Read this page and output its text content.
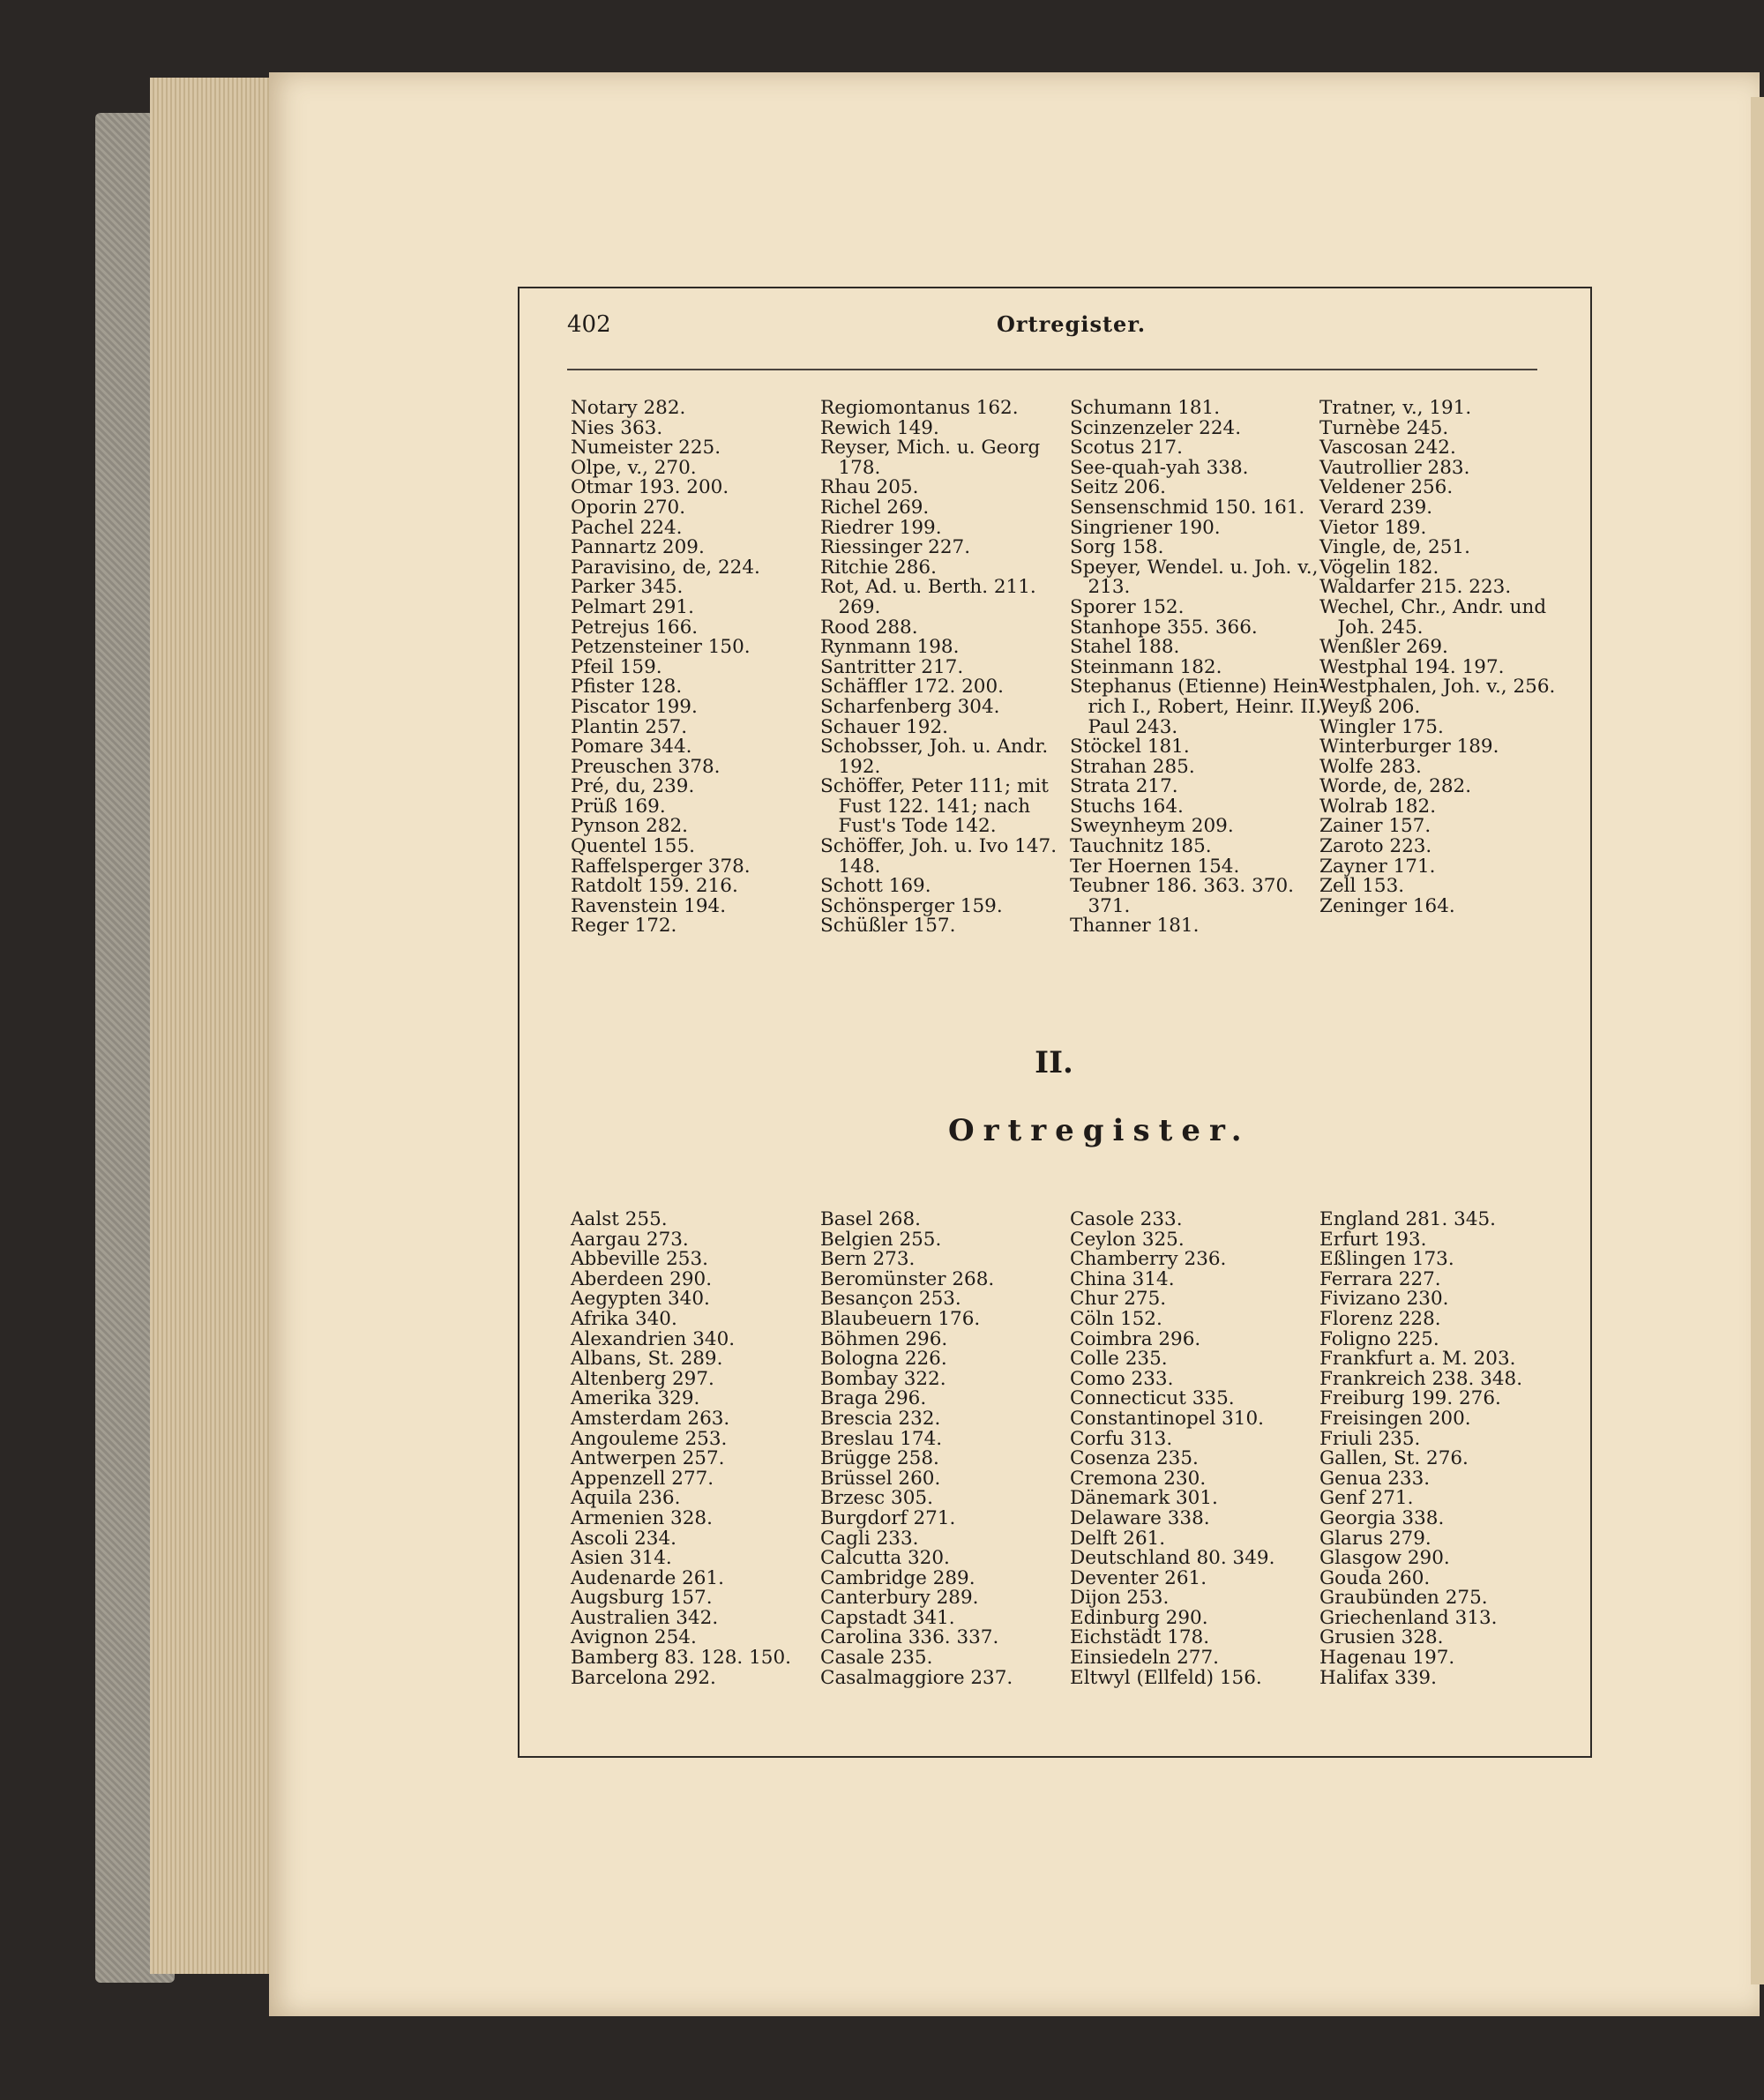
402	Ortregister.
Notary 282.
Nies 363.
Numeister 225.
Olpe, v., 270.
Otmar 193. 200.
Oporin 270.
Pachel 224.
Pannartz 209.
Paravisino, de, 224.
Parker 345.
Pelmart 291.
Petrejus 166.
Petzensteiner 150.
Pfeil 159.
Pfister 128.
Piscator 199.
Plantin 257.
Pomare 344.
Preuschen 378.
Pré, du, 239.
Prüß 169.
Pynson 282.
Quentel 155.
Raffelsperger 378.
Ratdolt 159. 216.
Ravenstein 194.
Reger 172.
Regiomontanus 162.
Rewich 149.
Reyser, Mich. u. Georg
178.
Rhau 205.
Richel 269.
Riedrer 199.
Riessinger 227.
Ritchie 286.
Rot, Ad. u. Berth. 211.
269.
Rood 288.
Rynmann 198.
Santritter 217.
Schäffler 172. 200.
Scharfenberg 304.
Schauer 192.
Schobsser, Joh. u. Andr.
192.
Schöffer, Peter 111; mit
Fust 122. 141; nach
Fust's Tode 142.
Schöffer, Joh. u. Ivo 147.
148.
Schott 169.
Schönsperger 159.
Schüßler 157.
Schumann 181.
Scinzenzeler 224.
Scotus 217.
See-quah-yah 338.
Seitz 206.
Sensenschmid 150. 161.
Singriener 190.
Sorg 158.
Speyer, Wendel. u. Joh. v.,
213.
Sporer 152.
Stanhope 355. 366.
Stahel 188.
Steinmann 182.
Stephanus (Etienne) Hein-
rich I., Robert, Heinr. II.,
Paul 243.
Stöckel 181.
Strahan 285.
Strata 217.
Stuchs 164.
Sweynheym 209.
Tauchnitz 185.
Ter Hoernen 154.
Teubner 186. 363. 370.
371.
Thanner 181.
Tratner, v., 191.
Turnèbe 245.
Vascosan 242.
Vautrollier 283.
Veldener 256.
Verard 239.
Vietor 189.
Vingle, de, 251.
Vögelin 182.
Waldarfer 215. 223.
Wechel, Chr., Andr. und
Joh. 245.
Wenßler 269.
Westphal 194. 197.
Westphalen, Joh. v., 256.
Weyß 206.
Wingler 175.
Winterburger 189.
Wolfe 283.
Worde, de, 282.
Wolrab 182.
Zainer 157.
Zaroto 223.
Zayner 171.
Zell 153.
Zeninger 164.
II.
Ortregister.
Aalst 255.
Aargau 273.
Abbeville 253.
Aberdeen 290.
Aegypten 340.
Afrika 340.
Alexandrien 340.
Albans, St. 289.
Altenberg 297.
Amerika 329.
Amsterdam 263.
Angouleme 253.
Antwerpen 257.
Appenzell 277.
Aquila 236.
Armenien 328.
Ascoli 234.
Asien 314.
Audenarde 261.
Augsburg 157.
Australien 342.
Avignon 254.
Bamberg 83. 128. 150.
Barcelona 292.
Basel 268.
Belgien 255.
Bern 273.
Beromünster 268.
Besançon 253.
Blaubeuern 176.
Böhmen 296.
Bologna 226.
Bombay 322.
Braga 296.
Brescia 232.
Breslau 174.
Brügge 258.
Brüssel 260.
Brzesc 305.
Burgdorf 271.
Cagli 233.
Calcutta 320.
Cambridge 289.
Canterbury 289.
Capstadt 341.
Carolina 336. 337.
Casale 235.
Casalmaggiore 237.
Casole 233.
Ceylon 325.
Chamberry 236.
China 314.
Chur 275.
Cöln 152.
Coimbra 296.
Colle 235.
Como 233.
Connecticut 335.
Constantinopel 310.
Corfu 313.
Cosenza 235.
Cremona 230.
Dänemark 301.
Delaware 338.
Delft 261.
Deutschland 80. 349.
Deventer 261.
Dijon 253.
Edinburg 290.
Eichstädt 178.
Einsiedeln 277.
Eltwyl (Ellfeld) 156.
England 281. 345.
Erfurt 193.
Eßlingen 173.
Ferrara 227.
Fivizano 230.
Florenz 228.
Foligno 225.
Frankfurt a. M. 203.
Frankreich 238. 348.
Freiburg 199. 276.
Freisingen 200.
Friuli 235.
Gallen, St. 276.
Genua 233.
Genf 271.
Georgia 338.
Glarus 279.
Glasgow 290.
Gouda 260.
Graubünden 275.
Griechenland 313.
Grusien 328.
Hagenau 197.
Halifax 339.
